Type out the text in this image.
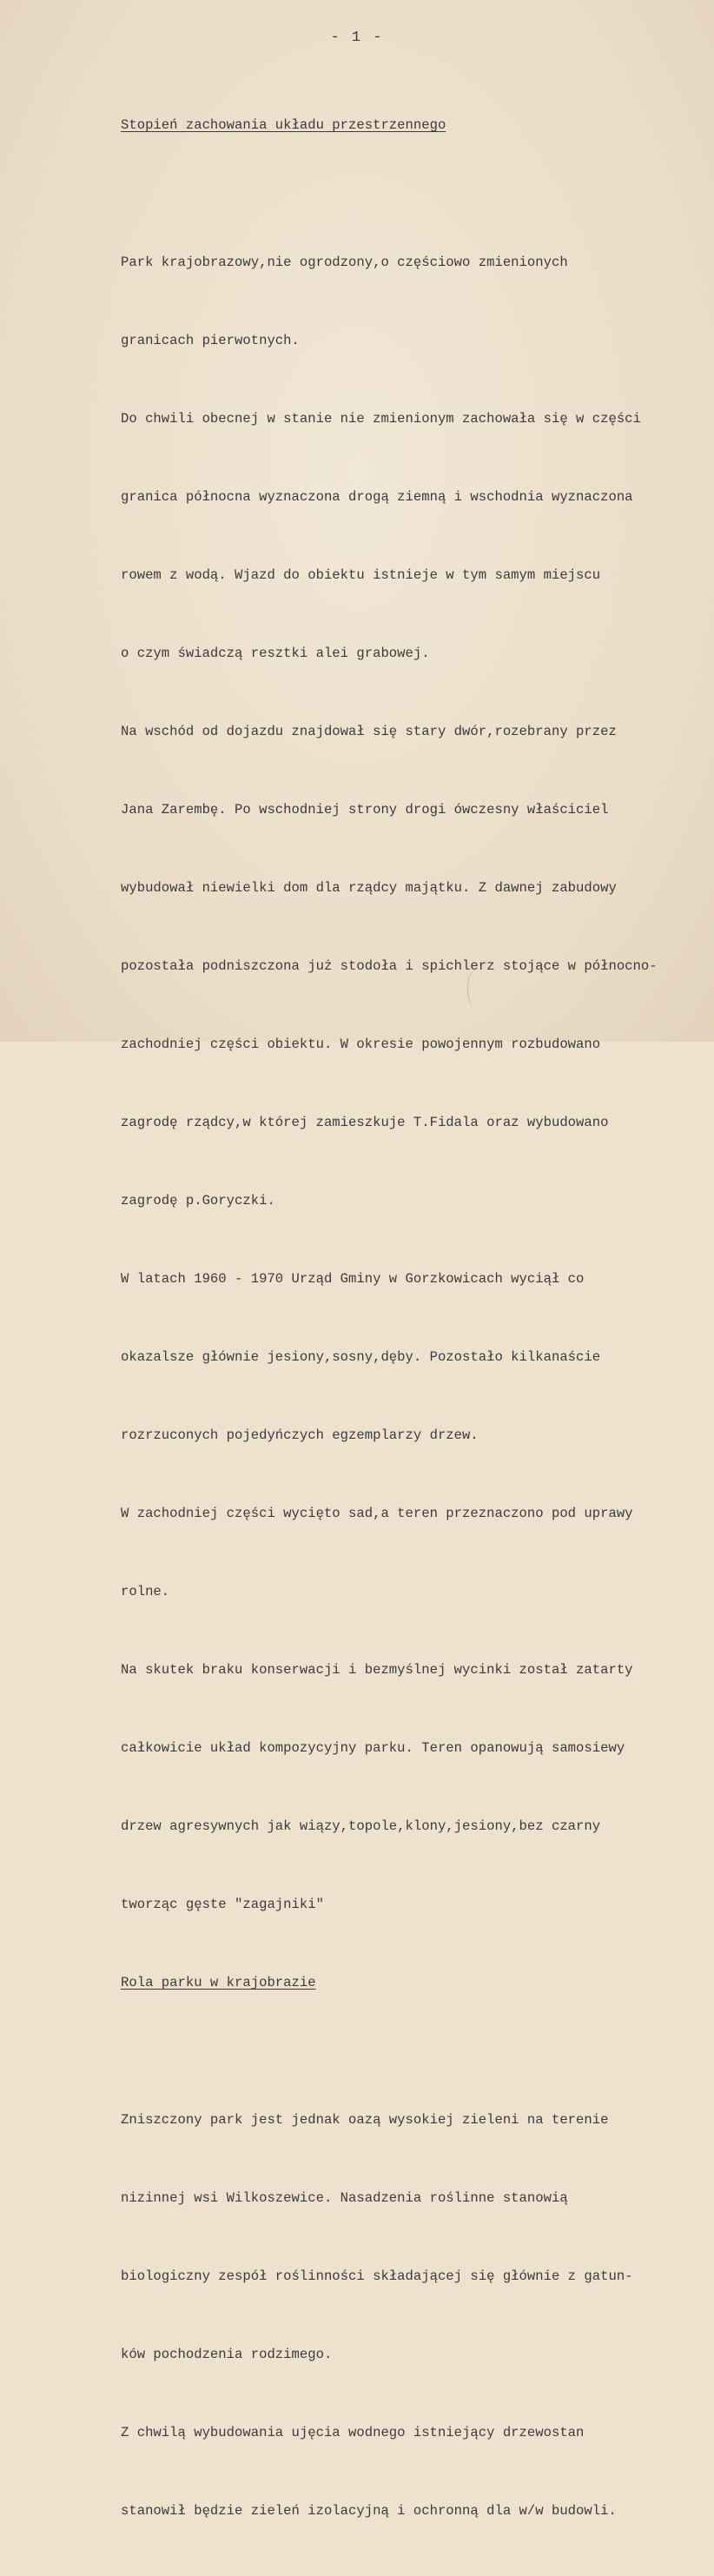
- 1 -

Stopień zachowania układu przestrzennego

Park krajobrazowy,nie ogrodzony,o częściowo zmienionych

granicach pierwotnych.

Do chwili obecnej w stanie nie zmienionym zachowała się w części

granica północna wyznaczona drogą ziemną i wschodnia wyznaczona

rowem z wodą. Wjazd do obiektu istnieje w tym samym miejscu

o czym świadczą resztki alei grabowej.

Na wschód od dojazdu znajdował się stary dwór,rozebrany przez

Jana Zarembę. Po wschodniej strony drogi ówczesny właściciel

wybudował niewielki dom dla rządcy majątku. Z dawnej zabudowy

pozostała podniszczona już stodoła i spichlerz stojące w północno-

zachodniej części obiektu. W okresie powojennym rozbudowano

zagrodę rządcy,w której zamieszkuje T.Fidala oraz wybudowano

zagrodę p.Goryczki.

W latach 1960 - 1970 Urząd Gminy w Gorzkowicach wyciął co

okazalsze głównie jesiony,sosny,dęby. Pozostało kilkanaście

rozrzuconych pojedyńczych egzemplarzy drzew.

W zachodniej części wycięto sad,a teren przeznaczono pod uprawy

rolne.

Na skutek braku konserwacji i bezmyślnej wycinki został zatarty

całkowicie układ kompozycyjny parku. Teren opanowują samosiewy

drzew agresywnych jak wiązy,topole,klony,jesiony,bez czarny

tworząc gęste "zagajniki"

Rola parku w krajobrazie

Zniszczony park jest jednak oazą wysokiej zieleni na terenie

nizinnej wsi Wilkoszewice. Nasadzenia roślinne stanowią

biologiczny zespół roślinności składającej się głównie z gatun-

ków pochodzenia rodzimego.

Z chwilą wybudowania ujęcia wodnego istniejący drzewostan

stanowił będzie zieleń izolacyjną i ochronną dla w/w budowli.
